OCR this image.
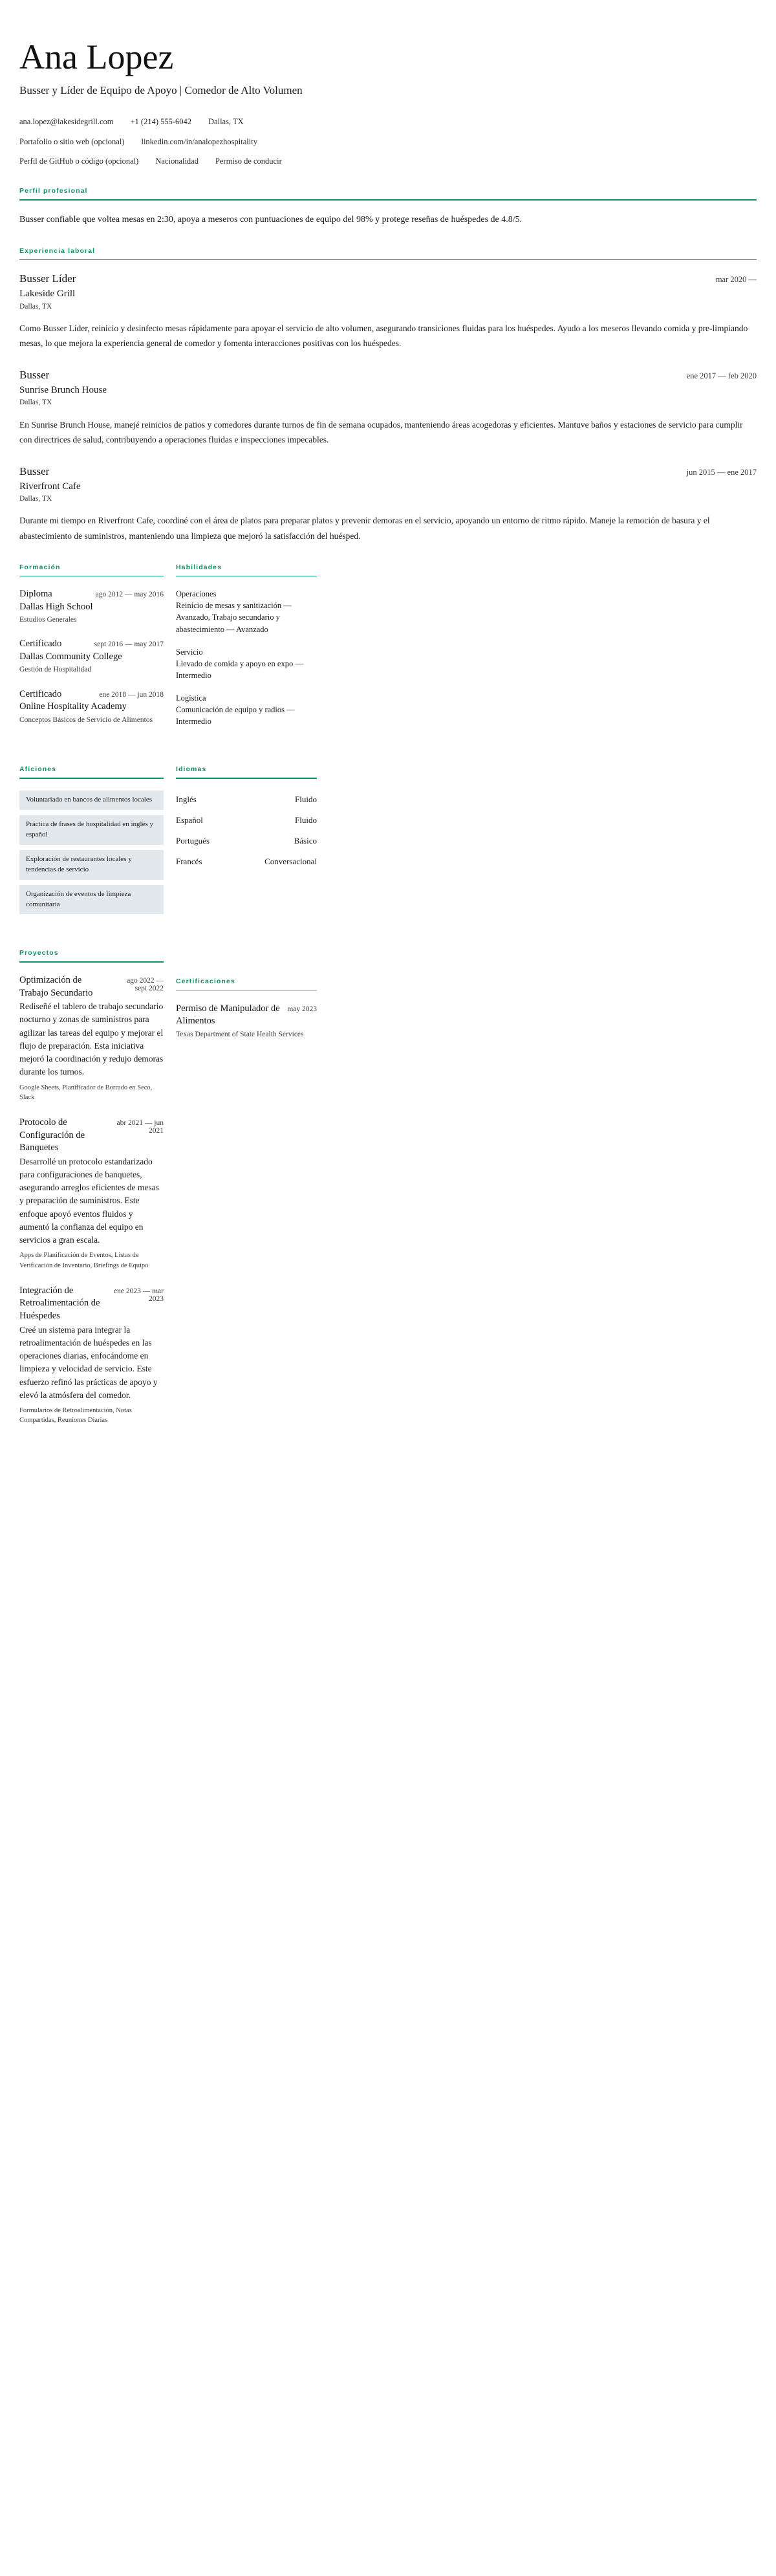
Ana Lopez
Busser y Líder de Equipo de Apoyo | Comedor de Alto Volumen
ana.lopez@lakesidegrill.com +1 (214) 555-6042 Dallas, TX
Portafolio o sitio web (opcional) linkedin.com/in/analopezhospitality
Perfil de GitHub o código (opcional) Nacionalidad Permiso de conducir
Perfil profesional

Busser confiable que voltea mesas en 2:30, apoya a meseros con puntuaciones de equipo del 98% y protege reseñas de huéspedes de 4.8/5.

Experiencia laboral
Busser Líder	mar 2020 —
Lakeside Grill
Dallas, TX
Como Busser Líder, reinicio y desinfecto mesas rápidamente para apoyar el servicio de alto volumen, asegurando transiciones fluidas para los huéspedes. Ayudo a los meseros llevando comida y pre-limpiando mesas, lo que mejora la experiencia general de comedor y fomenta interacciones positivas con los huéspedes.
Busser	ene 2017 — feb 2020
Sunrise Brunch House
Dallas, TX
En Sunrise Brunch House, manejé reinicios de patios y comedores durante turnos de fin de semana ocupados, manteniendo áreas acogedoras y eficientes. Mantuve baños y estaciones de servicio para cumplir con directrices de salud, contribuyendo a operaciones fluidas e inspecciones impecables.
Busser	jun 2015 — ene 2017
Riverfront Cafe
Dallas, TX
Durante mi tiempo en Riverfront Cafe, coordiné con el área de platos para preparar platos y prevenir demoras en el servicio, apoyando un entorno de ritmo rápido. Maneje la remoción de basura y el abastecimiento de suministros, manteniendo una limpieza que mejoró la satisfacción del huésped.
Formación
Diploma	ago 2012 — may 2016
Dallas High School
Estudios Generales
Certificado	sept 2016 — may 2017
Dallas Community College
Gestión de Hospitalidad
Certificado	ene 2018 — jun 2018
Online Hospitality Academy
Conceptos Básicos de Servicio de Alimentos
Habilidades
Operaciones
Reinicio de mesas y sanitización — Avanzado, Trabajo secundario y abastecimiento — Avanzado
Servicio
Llevado de comida y apoyo en expo — Intermedio
Logística
Comunicación de equipo y radios — Intermedio
Aficiones
Voluntariado en bancos de alimentos locales
Práctica de frases de hospitalidad en inglés y español
Exploración de restaurantes locales y tendencias de servicio
Organización de eventos de limpieza comunitaria
Idiomas
Inglés	Fluido
Español	Fluido
Portugués	Básico
Francés	Conversacional
Proyectos
Optimización de Trabajo Secundario
ago 2022 — sept 2022
Rediseñé el tablero de trabajo secundario nocturno y zonas de suministros para agilizar las tareas del equipo y mejorar el flujo de preparación. Esta iniciativa mejoró la coordinación y redujo demoras durante los turnos.
Google Sheets, Planificador de Borrado en Seco, Slack
Protocolo de Configuración de Banquetes
abr 2021 — jun 2021
Desarrollé un protocolo estandarizado para configuraciones de banquetes, asegurando arreglos eficientes de mesas y preparación de suministros. Este enfoque apoyó eventos fluidos y aumentó la confianza del equipo en servicios a gran escala.
Apps de Planificación de Eventos, Listas de Verificación de Inventario, Briefings de Equipo
Integración de Retroalimentación de Huéspedes
ene 2023 — mar 2023
Creé un sistema para integrar la retroalimentación de huéspedes en las operaciones diarias, enfocándome en limpieza y velocidad de servicio. Este esfuerzo refinó las prácticas de apoyo y elevó la atmósfera del comedor.
Formularios de Retroalimentación, Notas Compartidas, Reuniones Diarias
Certificaciones
Permiso de Manipulador de Alimentos
may 2023
Texas Department of State Health Services
